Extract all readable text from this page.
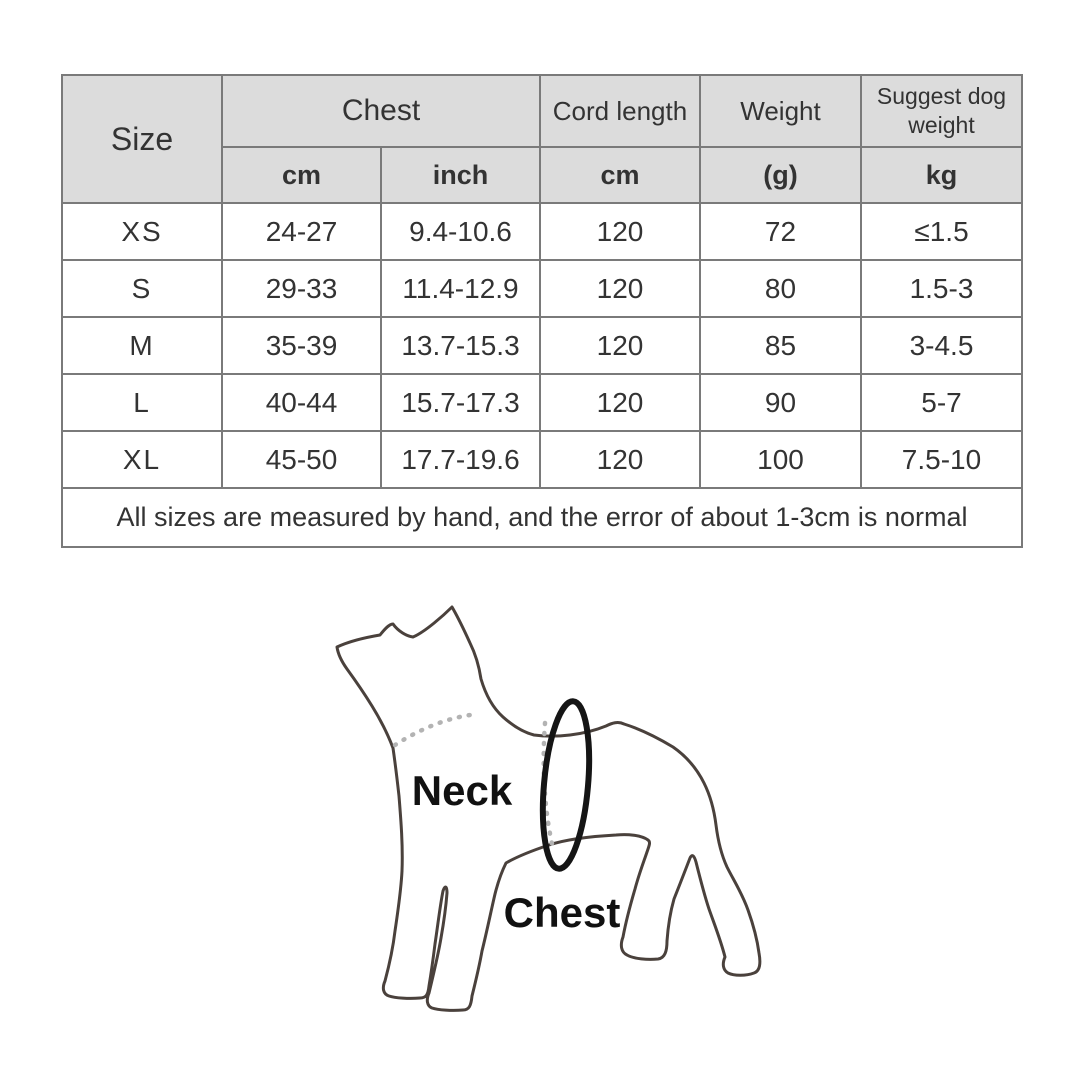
Size	Chest		Cord length	Weight	Suggest dog weight
	cm	inch	cm	(g)	kg
XS	24-27	9.4-10.6	120	72	≤1.5
S	29-33	11.4-12.9	120	80	1.5-3
M	35-39	13.7-15.3	120	85	3-4.5
L	40-44	15.7-17.3	120	90	5-7
XL	45-50	17.7-19.6	120	100	7.5-10
All sizes are measured by hand, and the error of about 1-3cm is normal					
Neck
Chest
